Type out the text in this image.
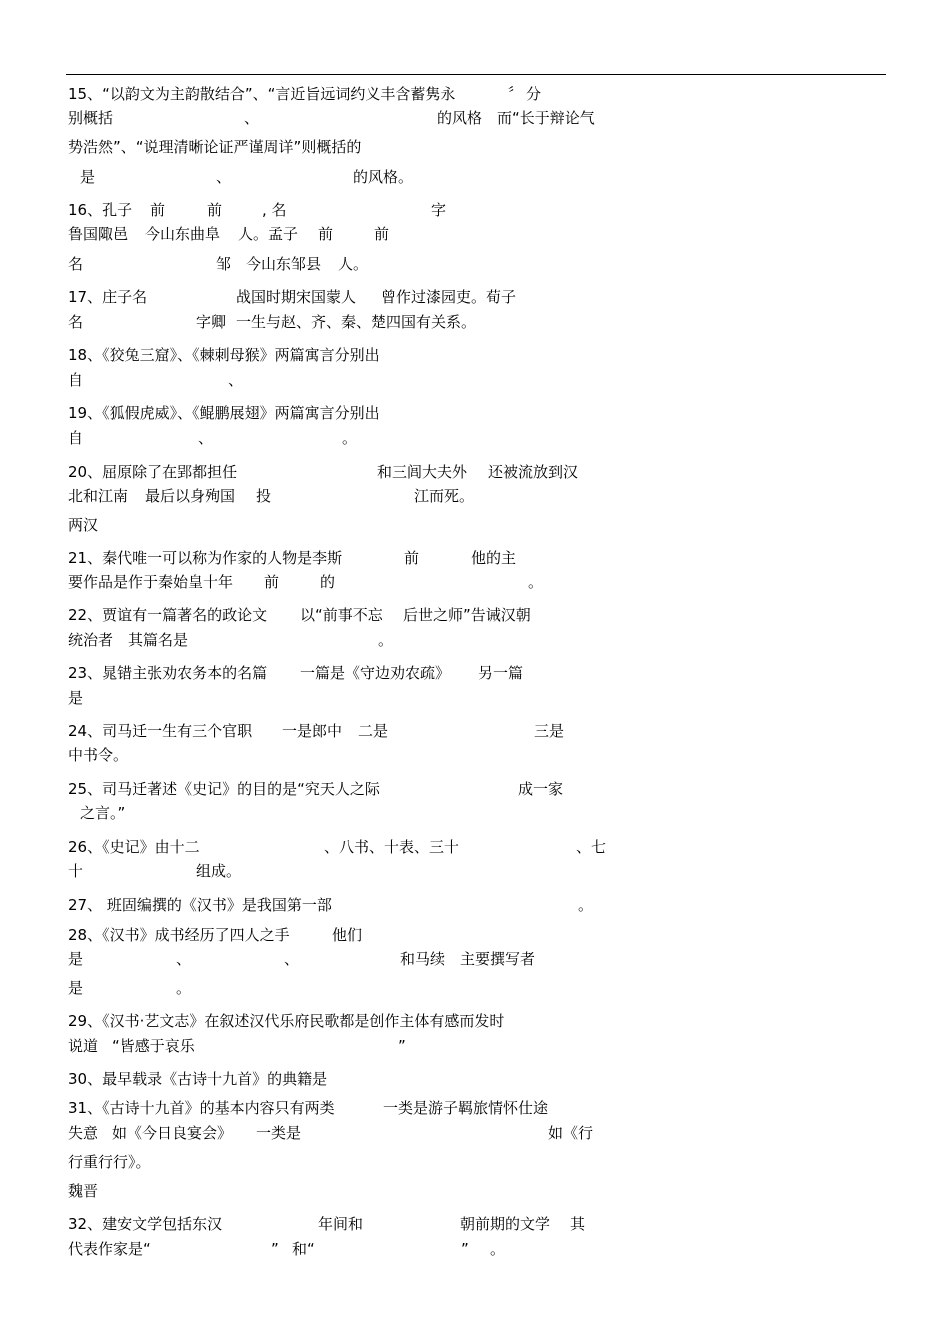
15、“以韵文为主韵散结合”、“言近旨远词约义丰含蓄隽永	〞 分
别概括	、	的风格 而“长于辩论气
势浩然”、“说理清晰论证严谨周详”则概括的
是	、	的风格。
16、孔子 前	前	, 名	字
鲁国陬邑 今山东曲阜 人。孟子 前	前
名	邹 今山东邹县 人。
17、庄子名	战国时期宋国蒙人 曾作过漆园吏。荀子
名	字卿 一生与赵、齐、秦、楚四国有关系。
18、《狡兔三窟》、《棘刺母猴》两篇寓言分别出
自	、
19、《狐假虎威》、《鲲鹏展翅》两篇寓言分别出
自	、	。
20、屈原除了在郢都担任	和三闾大夫外 还被流放到汉
北和江南 最后以身殉国 投	江而死。
两汉
21、秦代唯一可以称为作家的人物是李斯	前	他的主
要作品是作于秦始皇十年 前	的	。
22、贾谊有一篇著名的政论文 以“前事不忘 后世之师”告诫汉朝
统治者 其篇名是	。
23、晁错主张劝农务本的名篇 一篇是《守边劝农疏》 另一篇
是
24、司马迁一生有三个官职 一是郎中 二是	三是
中书令。
25、司马迁著述《史记》的目的是“究天人之际	成一家
之言。”
26、《史记》由十二	、八书、十表、三十	、七
十	组成。
27、 班固编撰的《汉书》是我国第一部	。
28、《汉书》成书经历了四人之手	他们
是	、	、	和马续 主要撰写者
是	。
29、《汉书·艺文志》在叙述汉代乐府民歌都是创作主体有感而发时
说道 “皆感于哀乐	”
30、最早载录《古诗十九首》的典籍是
31、《古诗十九首》的基本内容只有两类	一类是游子羁旅情怀仕途
失意 如《今日良宴会》 一类是	如《行
行重行行》。
魏晋
32、建安文学包括东汉	年间和	朝前期的文学 其
代表作家是“	” 和“	” 。
